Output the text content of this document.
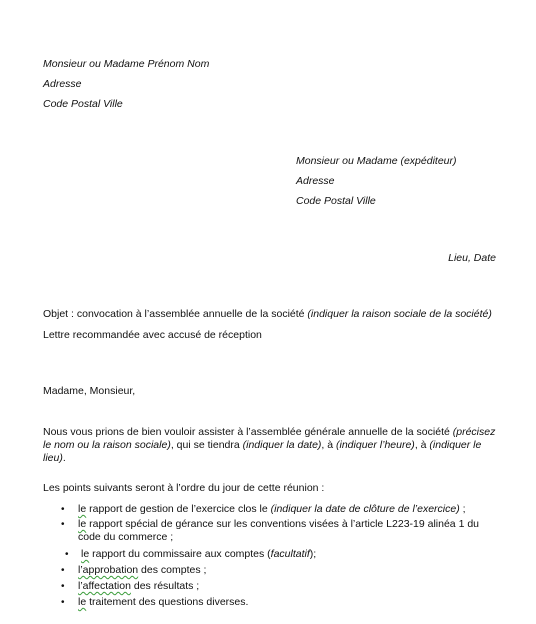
Monsieur ou Madame Prénom Nom
Adresse
Code Postal Ville
Monsieur ou Madame (expéditeur)
Adresse
Code Postal Ville
Lieu, Date
Objet : convocation à l’assemblée annuelle de la société (indiquer la raison sociale de la société)
Lettre recommandée avec accusé de réception
Madame, Monsieur,
Nous vous prions de bien vouloir assister à l’assemblée générale annuelle de la société (précisez le nom ou la raison sociale), qui se tiendra (indiquer la date), à (indiquer l’heure), à (indiquer le lieu).
Les points suivants seront à l’ordre du jour de cette réunion :
• le rapport de gestion de l’exercice clos le (indiquer la date de clôture de l’exercice) ;
• le rapport spécial de gérance sur les conventions visées à l’article L223-19 alinéa 1 du code du commerce ;
• le rapport du commissaire aux comptes (facultatif);
• l’approbation des comptes ;
• l’affectation des résultats ;
• le traitement des questions diverses.
